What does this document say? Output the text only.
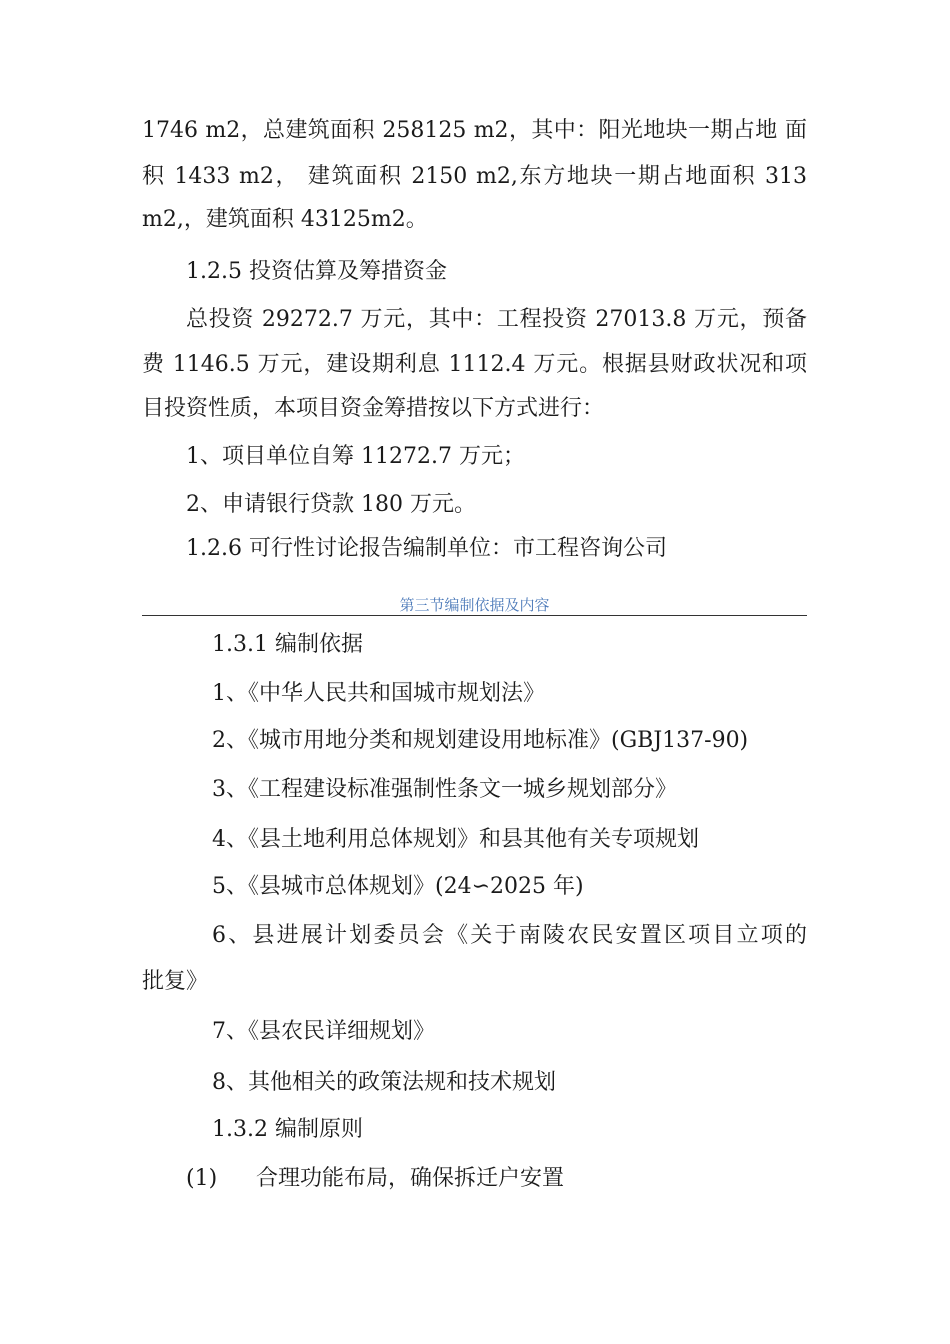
1746 m2，总建筑面积 258125 m2，其中：阳光地块一期占地 面
积 1433 m2， 建筑面积 2150 m2,东方地块一期占地面积 313
m2,，建筑面积 43125m2。
1.2.5 投资估算及筹措资金
总投资 29272.7 万元，其中：工程投资 27013.8 万元，预备
费 1146.5 万元，建设期利息 1112.4 万元。根据县财政状况和项
目投资性质，本项目资金筹措按以下方式进行：
1、项目单位自筹 11272.7 万元；
2、申请银行贷款 180 万元。
1.2.6 可行性讨论报告编制单位：市工程咨询公司
第三节编制依据及内容
1.3.1 编制依据
1、《中华人民共和国城市规划法》
2、《城市用地分类和规划建设用地标准》(GBJ137-90)
3、《工程建设标准强制性条文一城乡规划部分》
4、《县土地利用总体规划》和县其他有关专项规划
5、《县城市总体规划》(24∽2025 年)
6、县进展计划委员会《关于南陵农民安置区项目立项的
批复》
7、《县农民详细规划》
8、其他相关的政策法规和技术规划
1.3.2 编制原则
(1) 合理功能布局，确保拆迁户安置
